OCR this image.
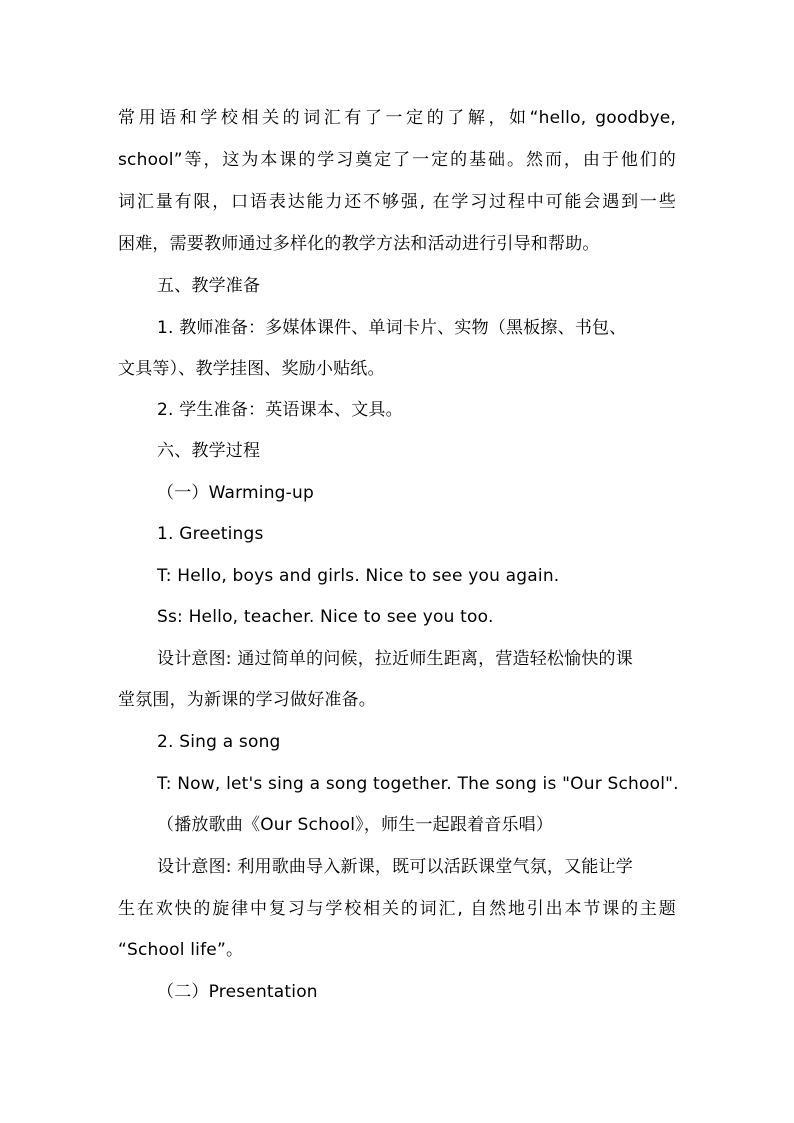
常用语和学校相关的词汇有了一定的了解，如“hello, goodbye,
school”等，这为本课的学习奠定了一定的基础。然而，由于他们的
词汇量有限，口语表达能力还不够强, 在学习过程中可能会遇到一些
困难，需要教师通过多样化的教学方法和活动进行引导和帮助。
五、教学准备
1. 教师准备：多媒体课件、单词卡片、实物（黑板擦、书包、
文具等）、教学挂图、奖励小贴纸。
2. 学生准备：英语课本、文具。
六、教学过程
（一）Warming-up
1. Greetings
T: Hello, boys and girls. Nice to see you again.
Ss: Hello, teacher. Nice to see you too.
设计意图: 通过简单的问候，拉近师生距离，营造轻松愉快的课
堂氛围，为新课的学习做好准备。
2. Sing a song
T: Now, let's sing a song together. The song is "Our School".
（播放歌曲《Our School》，师生一起跟着音乐唱）
设计意图: 利用歌曲导入新课，既可以活跃课堂气氛，又能让学
生在欢快的旋律中复习与学校相关的词汇, 自然地引出本节课的主题
“School life”。
（二）Presentation
